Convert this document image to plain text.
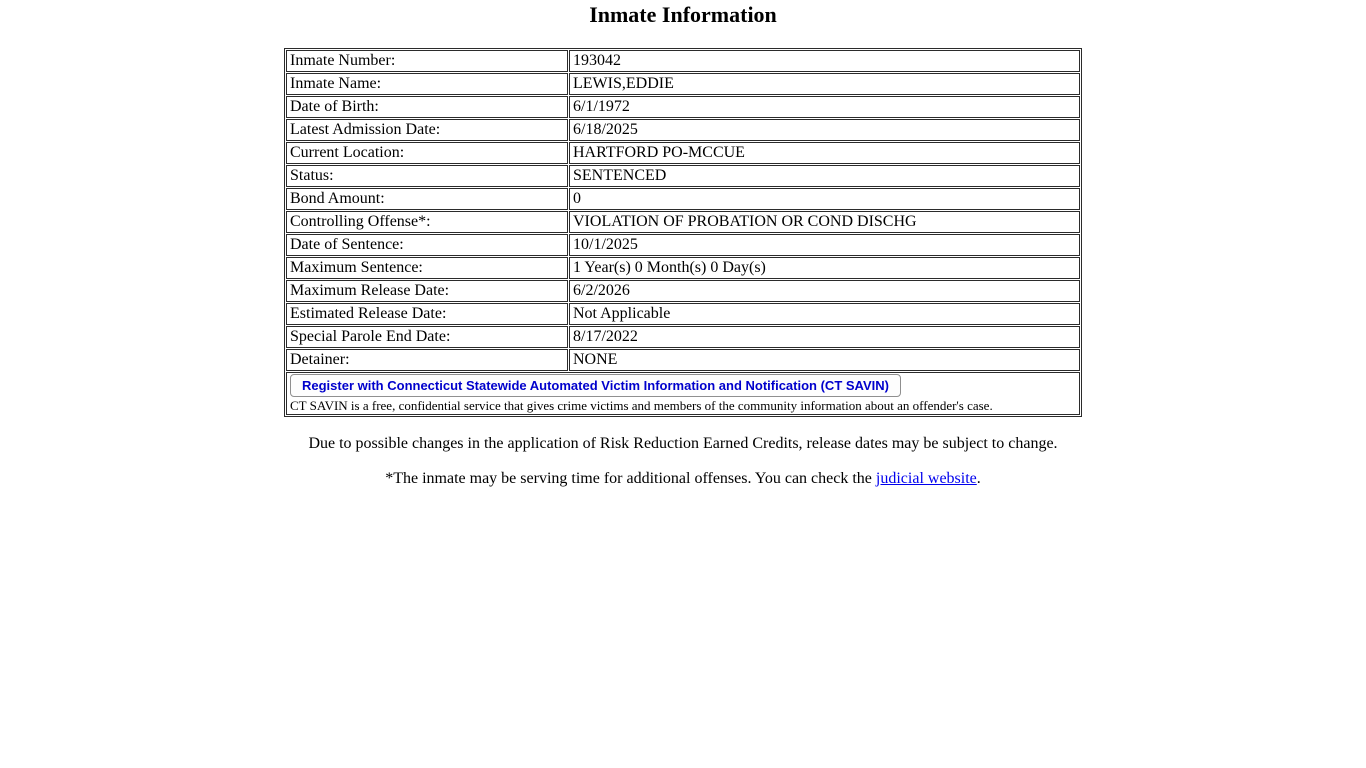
Inmate Information
Inmate Number:	193042
Inmate Name:	LEWIS,EDDIE
Date of Birth:	6/1/1972
Latest Admission Date:	6/18/2025
Current Location:	HARTFORD PO-MCCUE
Status:	SENTENCED
Bond Amount:	0
Controlling Offense*:	VIOLATION OF PROBATION OR COND DISCHG
Date of Sentence:	10/1/2025
Maximum Sentence:	1 Year(s) 0 Month(s) 0 Day(s)
Maximum Release Date:	6/2/2026
Estimated Release Date:	Not Applicable
Special Parole End Date:	8/17/2022
Detainer:	NONE
Register with Connecticut Statewide Automated Victim Information and Notification (CT SAVIN)
CT SAVIN is a free, confidential service that gives crime victims and members of the community information about an offender's case.	

Due to possible changes in the application of Risk Reduction Earned Credits, release dates may be subject to change.

*The inmate may be serving time for additional offenses. You can check the judicial website.
